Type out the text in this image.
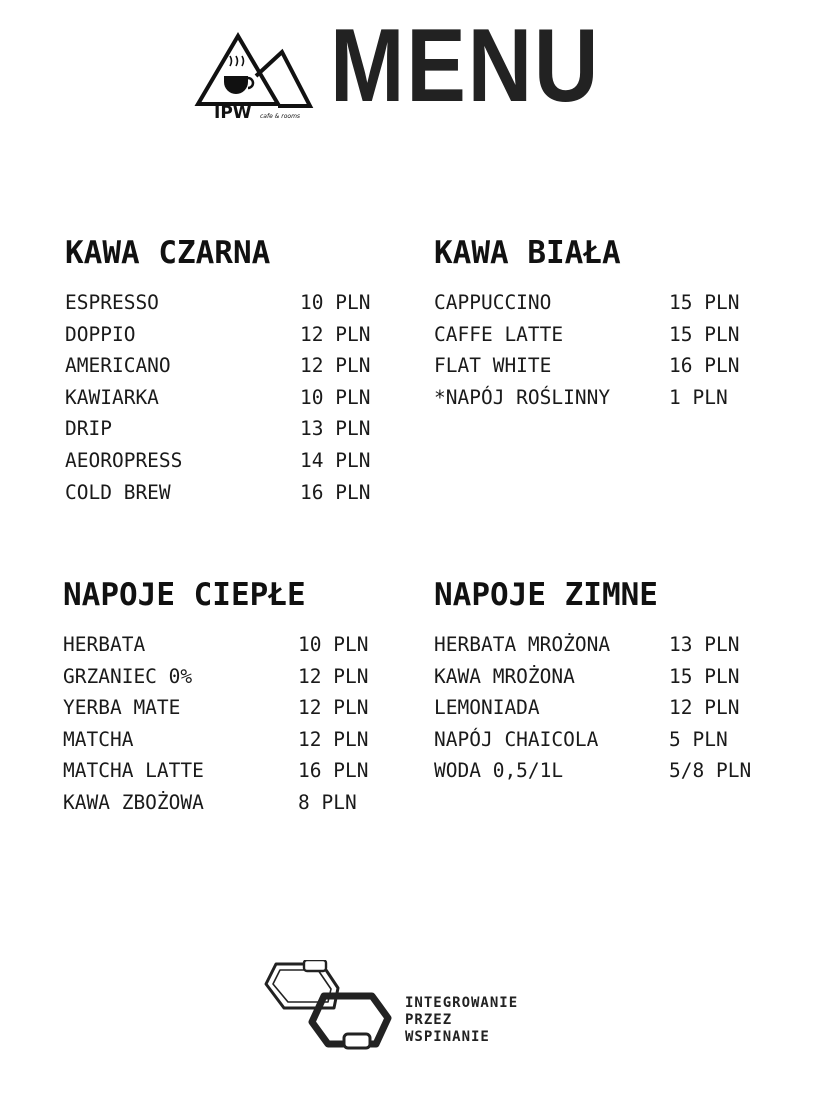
IPW cafe & rooms MENU
KAWA CZARNA
ESPRESSO	10 PLN
DOPPIO	12 PLN
AMERICANO	12 PLN
KAWIARKA	10 PLN
DRIP	13 PLN
AEOROPRESS	14 PLN
COLD BREW	16 PLN
KAWA BIAŁA
CAPPUCCINO	15 PLN
CAFFE LATTE	15 PLN
FLAT WHITE	16 PLN
*NAPÓJ ROŚLINNY	1 PLN
NAPOJE CIEPŁE
HERBATA	10 PLN
GRZANIEC 0%	12 PLN
YERBA MATE	12 PLN
MATCHA	12 PLN
MATCHA LATTE	16 PLN
KAWA ZBOŻOWA	8 PLN
NAPOJE ZIMNE
HERBATA MROŻONA	13 PLN
KAWA MROŻONA	15 PLN
LEMONIADA	12 PLN
NAPÓJ CHAICOLA	5 PLN
WODA 0,5/1L	5/8 PLN
INTEGROWANIE
PRZEZ
WSPINANIE
